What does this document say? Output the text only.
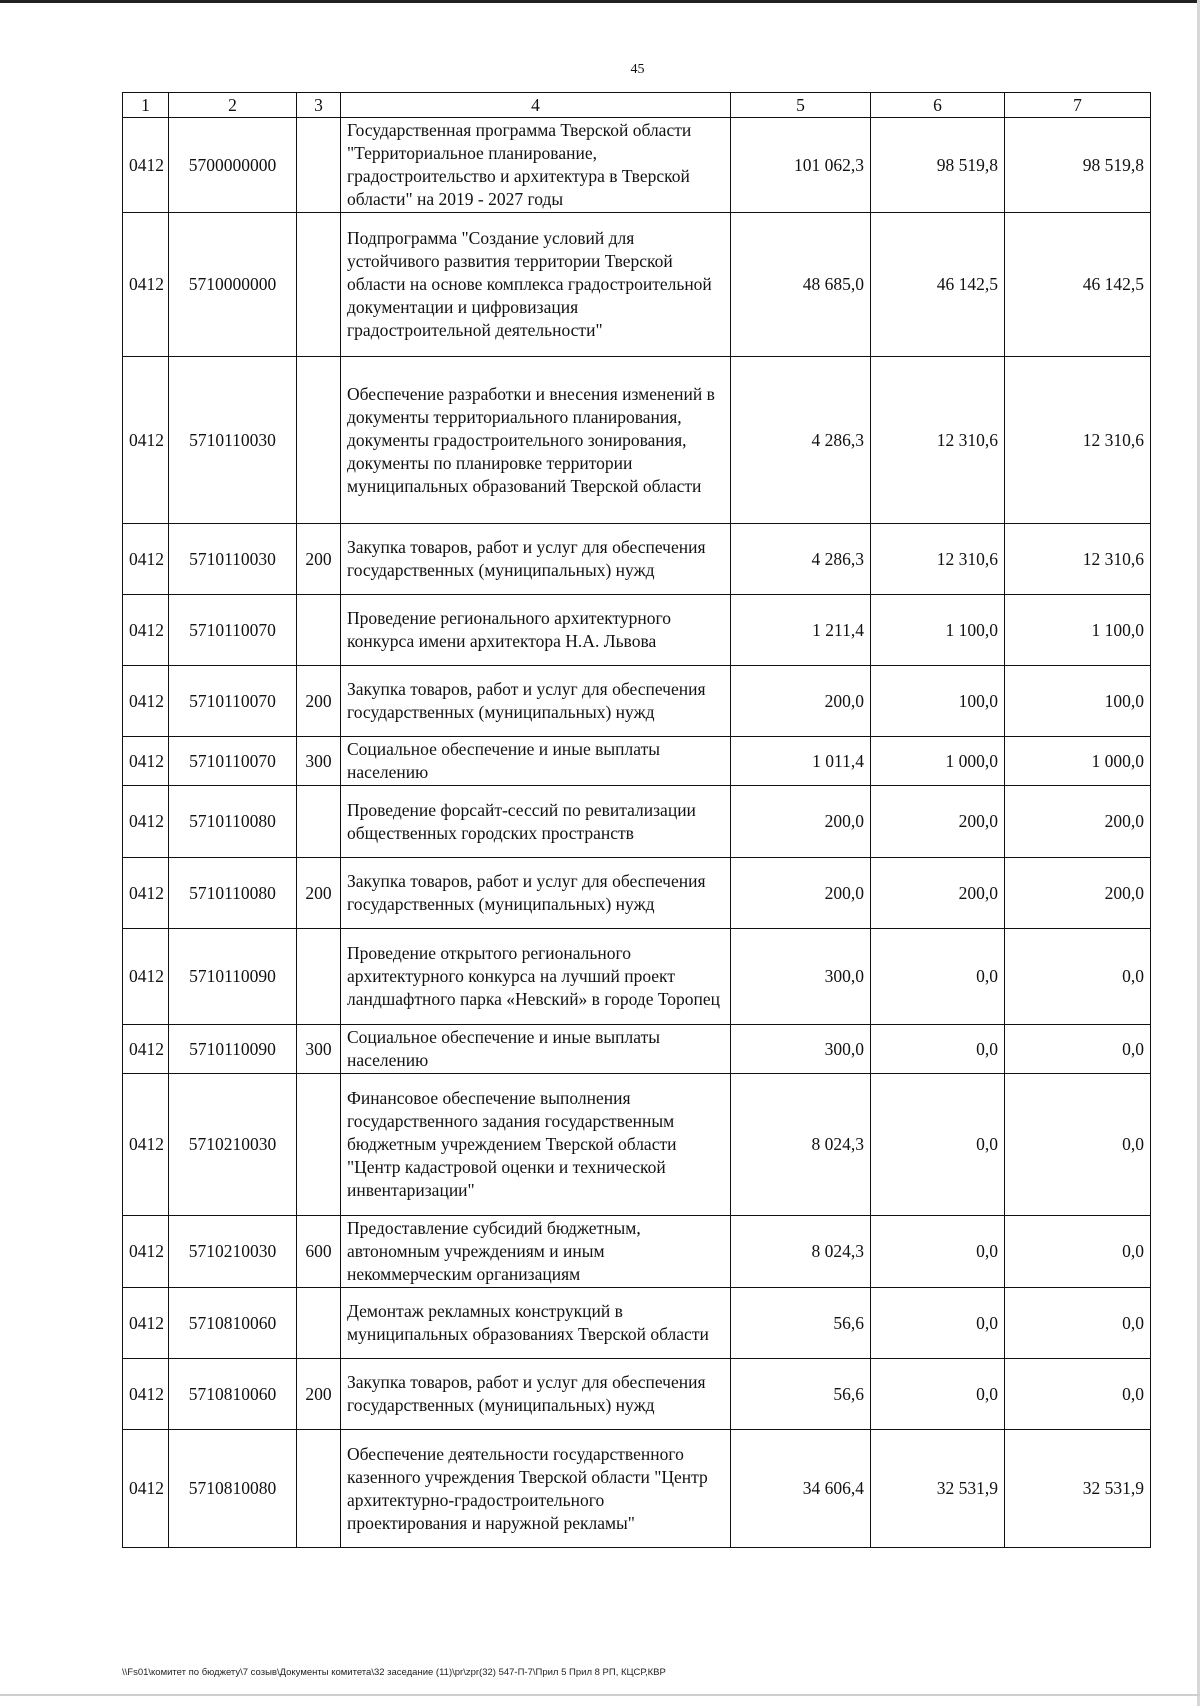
45
1	2	3	4	5	6	7
0412	5700000000		Государственная программа Тверской области "Территориальное планирование, градостроительство и архитектура в Тверской области" на 2019 - 2027 годы	101 062,3	98 519,8	98 519,8
0412	5710000000		Подпрограмма "Создание условий для устойчивого развития территории Тверской области на основе комплекса градостроительной документации и цифровизация градостроительной деятельности"	48 685,0	46 142,5	46 142,5
0412	5710110030		Обеспечение разработки и внесения изменений в документы территориального планирования, документы градостроительного зонирования, документы по планировке территории муниципальных образований Тверской области	4 286,3	12 310,6	12 310,6
0412	5710110030	200	Закупка товаров, работ и услуг для обеспечения государственных (муниципальных) нужд	4 286,3	12 310,6	12 310,6
0412	5710110070		Проведение регионального архитектурного конкурса имени архитектора Н.А. Львова	1 211,4	1 100,0	1 100,0
0412	5710110070	200	Закупка товаров, работ и услуг для обеспечения государственных (муниципальных) нужд	200,0	100,0	100,0
0412	5710110070	300	Социальное обеспечение и иные выплаты населению	1 011,4	1 000,0	1 000,0
0412	5710110080		Проведение форсайт-сессий по ревитализации общественных городских пространств	200,0	200,0	200,0
0412	5710110080	200	Закупка товаров, работ и услуг для обеспечения государственных (муниципальных) нужд	200,0	200,0	200,0
0412	5710110090		Проведение открытого регионального архитектурного конкурса на лучший проект ландшафтного парка «Невский» в городе Торопец	300,0	0,0	0,0
0412	5710110090	300	Социальное обеспечение и иные выплаты населению	300,0	0,0	0,0
0412	5710210030		Финансовое обеспечение выполнения государственного задания государственным бюджетным учреждением Тверской области "Центр кадастровой оценки и технической инвентаризации"	8 024,3	0,0	0,0
0412	5710210030	600	Предоставление субсидий бюджетным, автономным учреждениям и иным некоммерческим организациям	8 024,3	0,0	0,0
0412	5710810060		Демонтаж рекламных конструкций в муниципальных образованиях Тверской области	56,6	0,0	0,0
0412	5710810060	200	Закупка товаров, работ и услуг для обеспечения государственных (муниципальных) нужд	56,6	0,0	0,0
0412	5710810080		Обеспечение деятельности государственного казенного учреждения Тверской области "Центр архитектурно-градостроительного проектирования и наружной рекламы"	34 606,4	32 531,9	32 531,9
\\Fs01\комитет по бюджету\7 созыв\Документы комитета\32 заседание (11)\pr\zpr(32) 547-П-7\Прил 5 Прил 8 РП, КЦСР,КВР
